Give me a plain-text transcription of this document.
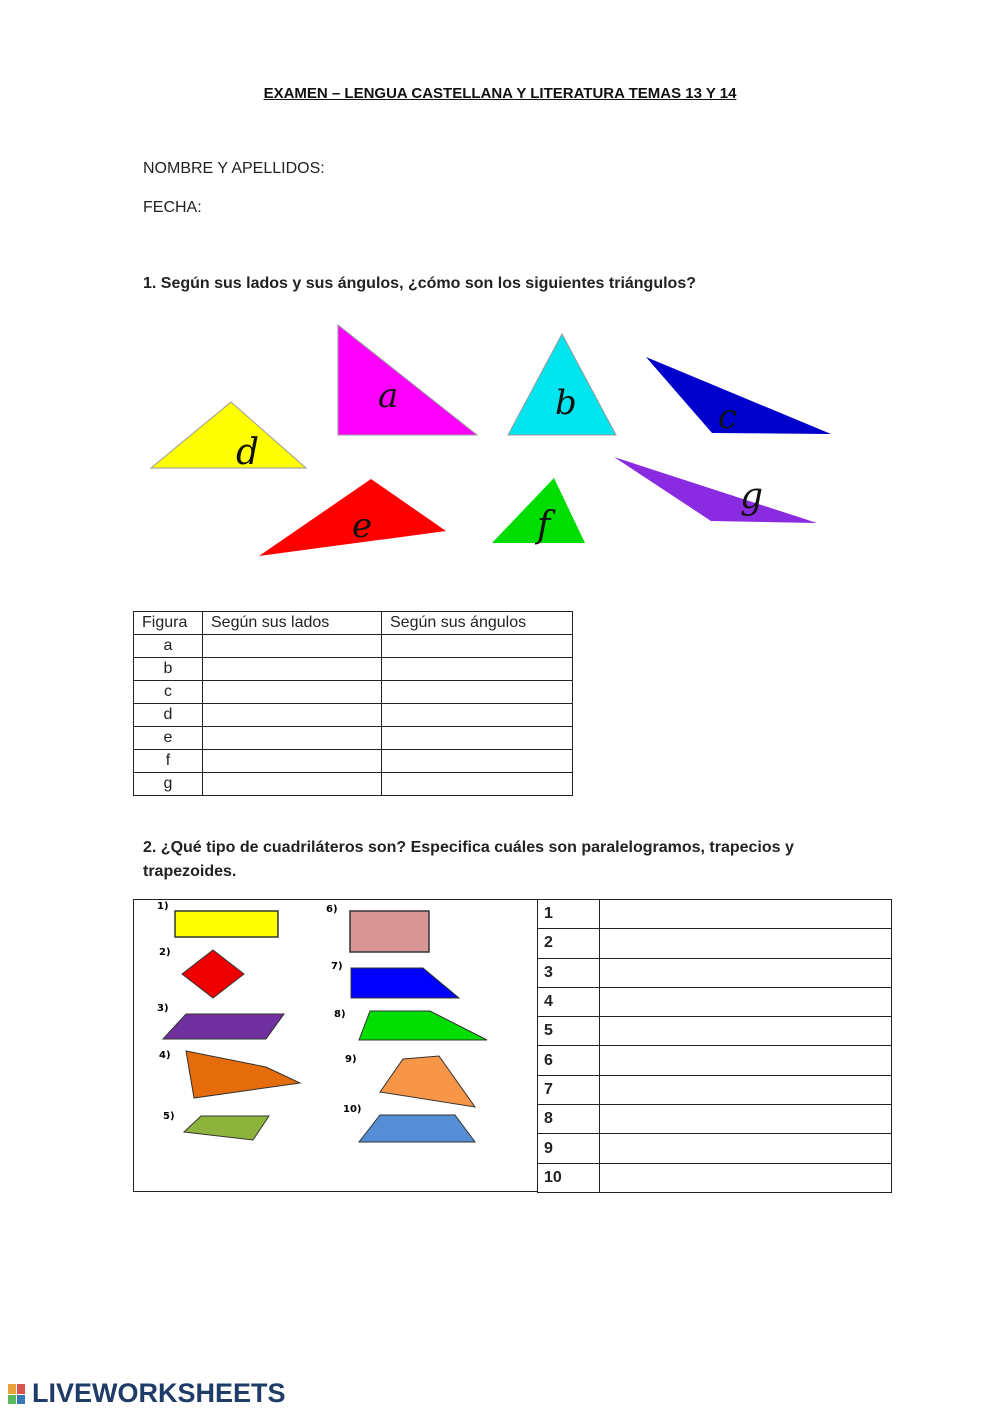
EXAMEN – LENGUA CASTELLANA Y LITERATURA TEMAS 13 Y 14
NOMBRE Y APELLIDOS:
FECHA:
1. Según sus lados y sus ángulos, ¿cómo son los siguientes triángulos?
a	b	c
d
e	f
g
Figura	Según sus lados	Según sus ángulos
a		
b		
c		
d		
e		
f		
g		
2. ¿Qué tipo de cuadriláteros son? Especifica cuáles son paralelogramos, trapecios y trapezoides.
1)
2)
3)
4)
5)
6)
7)
8)
9)
10)
1	
2	
3	
4	
5	
6	
7	
8	
9	
10	
LIVEWORKSHEETS
